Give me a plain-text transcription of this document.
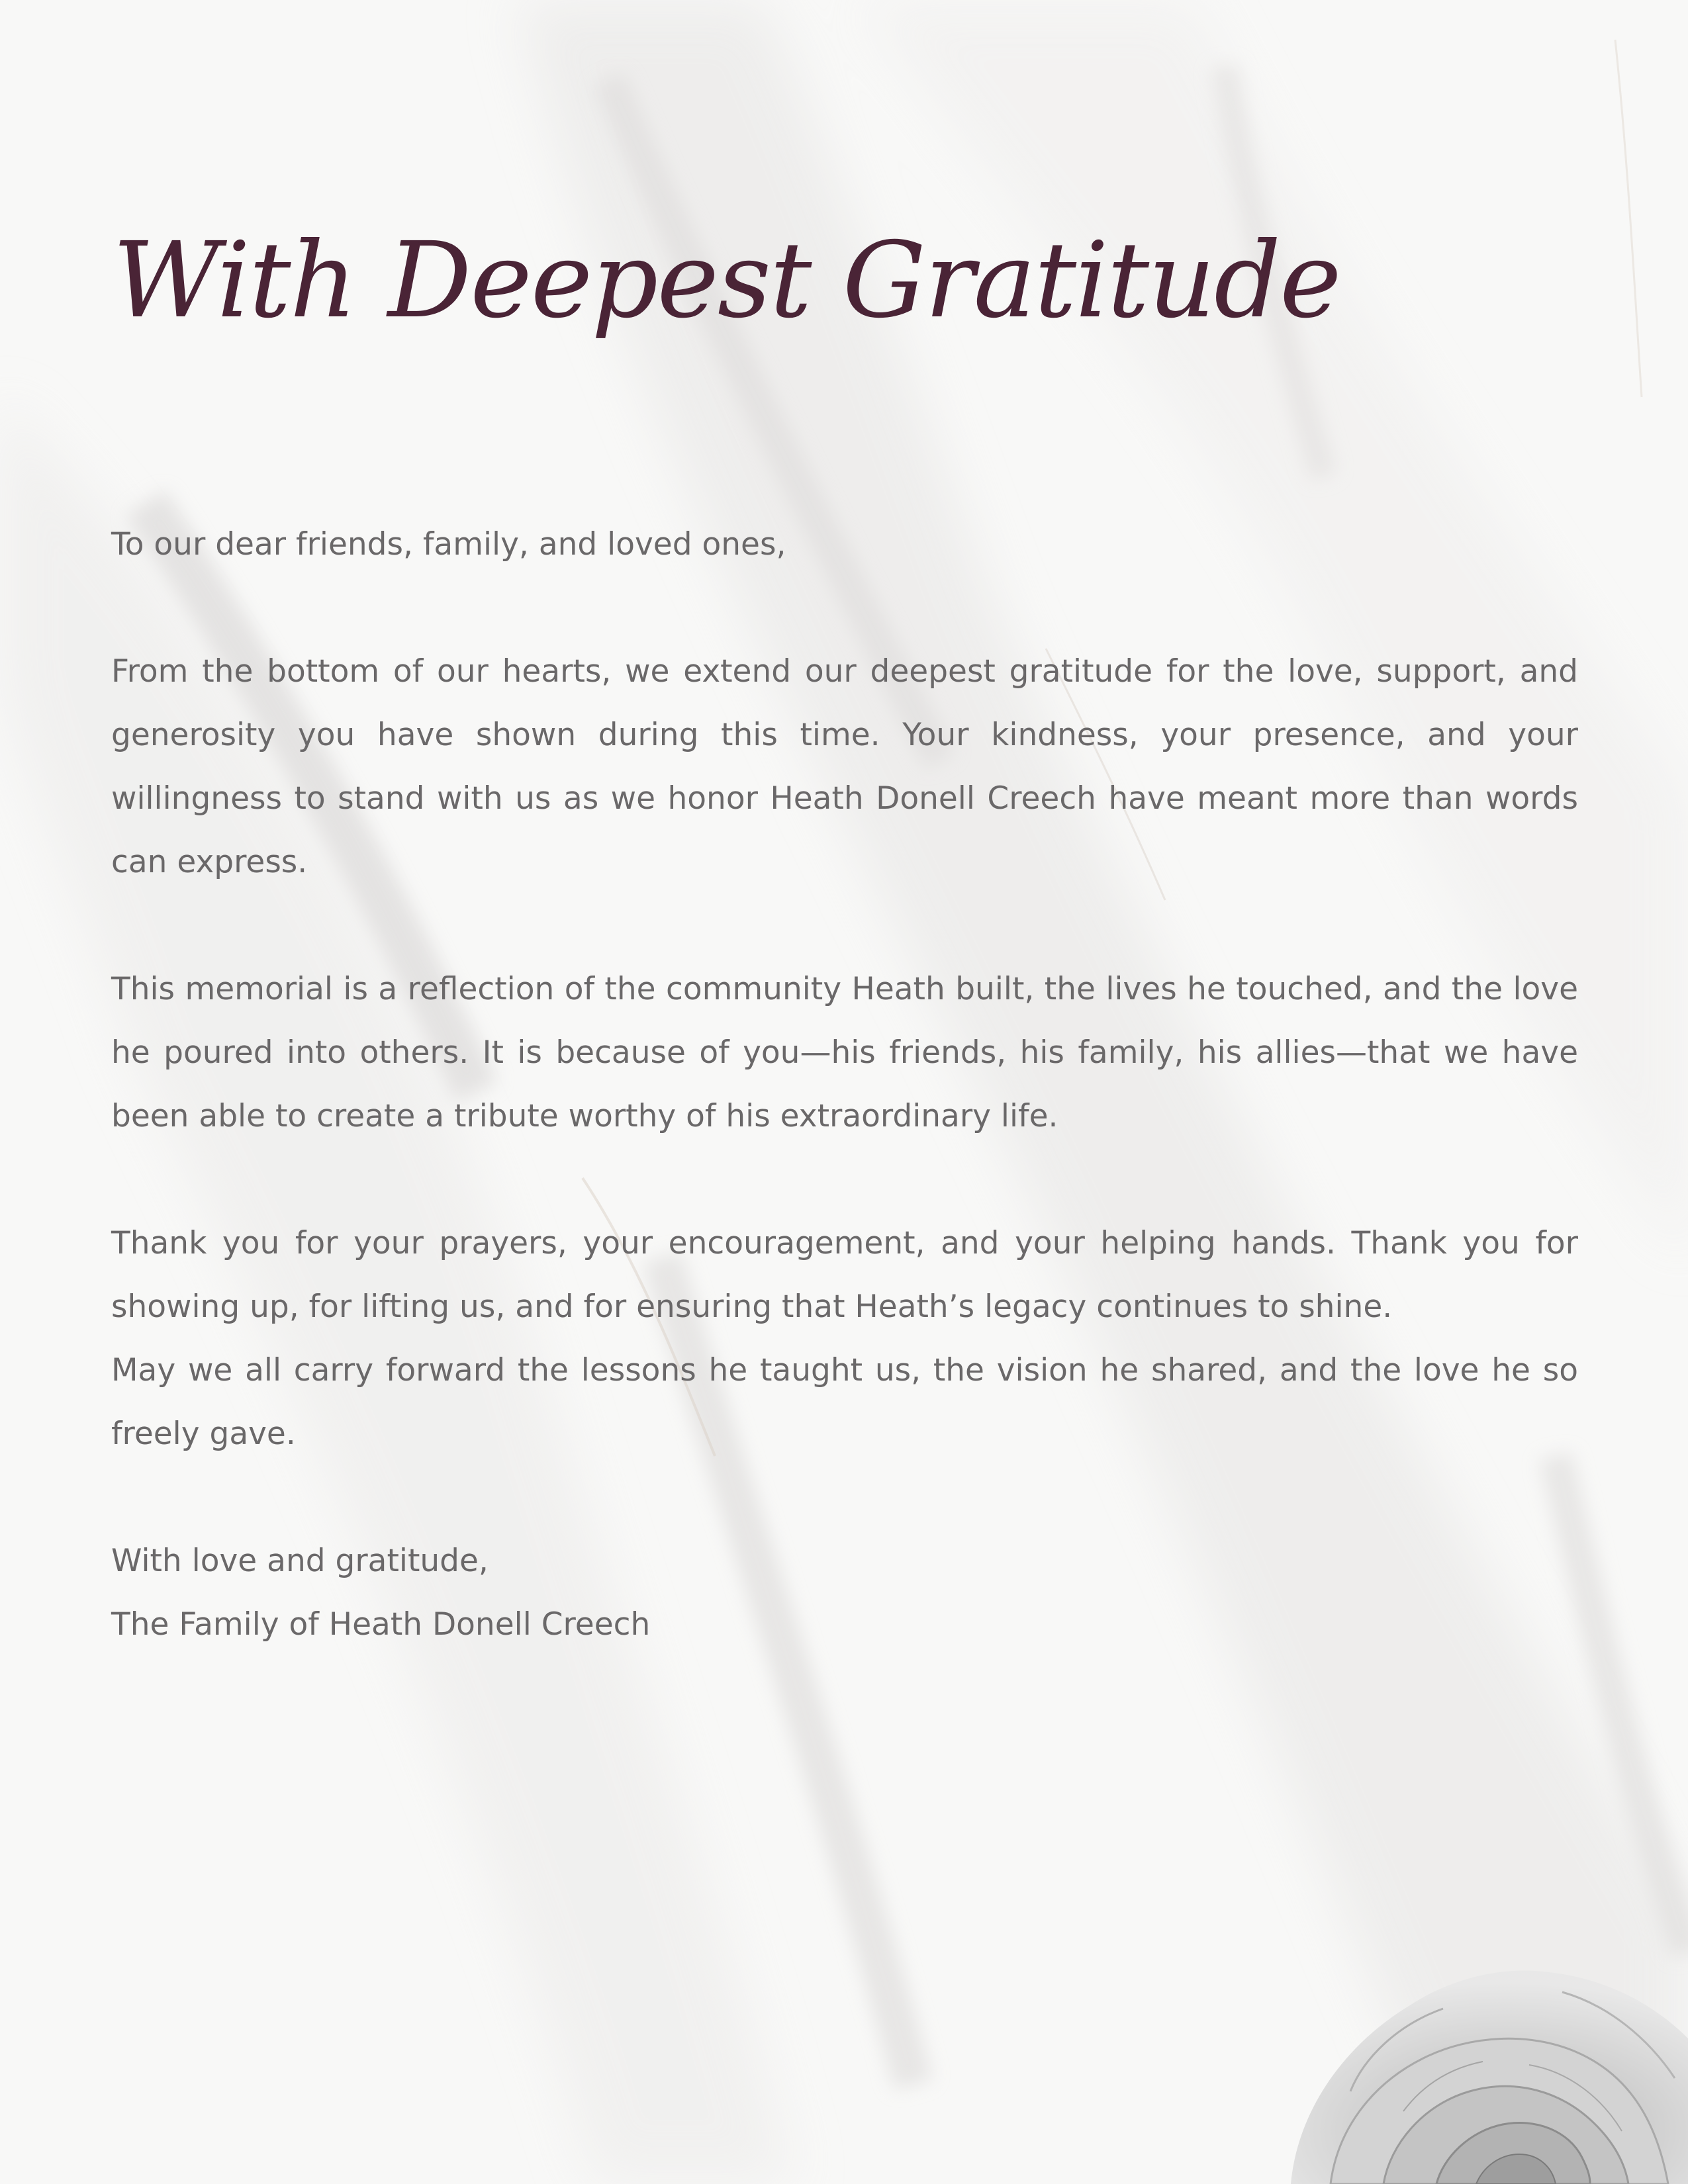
With Deepest Gratitude

To our dear friends, family, and loved ones,

From the bottom of our hearts, we extend our deepest gratitude for the love, support, and generosity you have shown during this time. Your kindness, your presence, and your willingness to stand with us as we honor Heath Donell Creech have meant more than words can express.

This memorial is a reflection of the community Heath built, the lives he touched, and the love he poured into others. It is because of you—his friends, his family, his allies—that we have been able to create a tribute worthy of his extraordinary life.

Thank you for your prayers, your encouragement, and your helping hands. Thank you for showing up, for lifting us, and for ensuring that Heath’s legacy continues to shine.

May we all carry forward the lessons he taught us, the vision he shared, and the love he so freely gave.

With love and gratitude,

The Family of Heath Donell Creech
